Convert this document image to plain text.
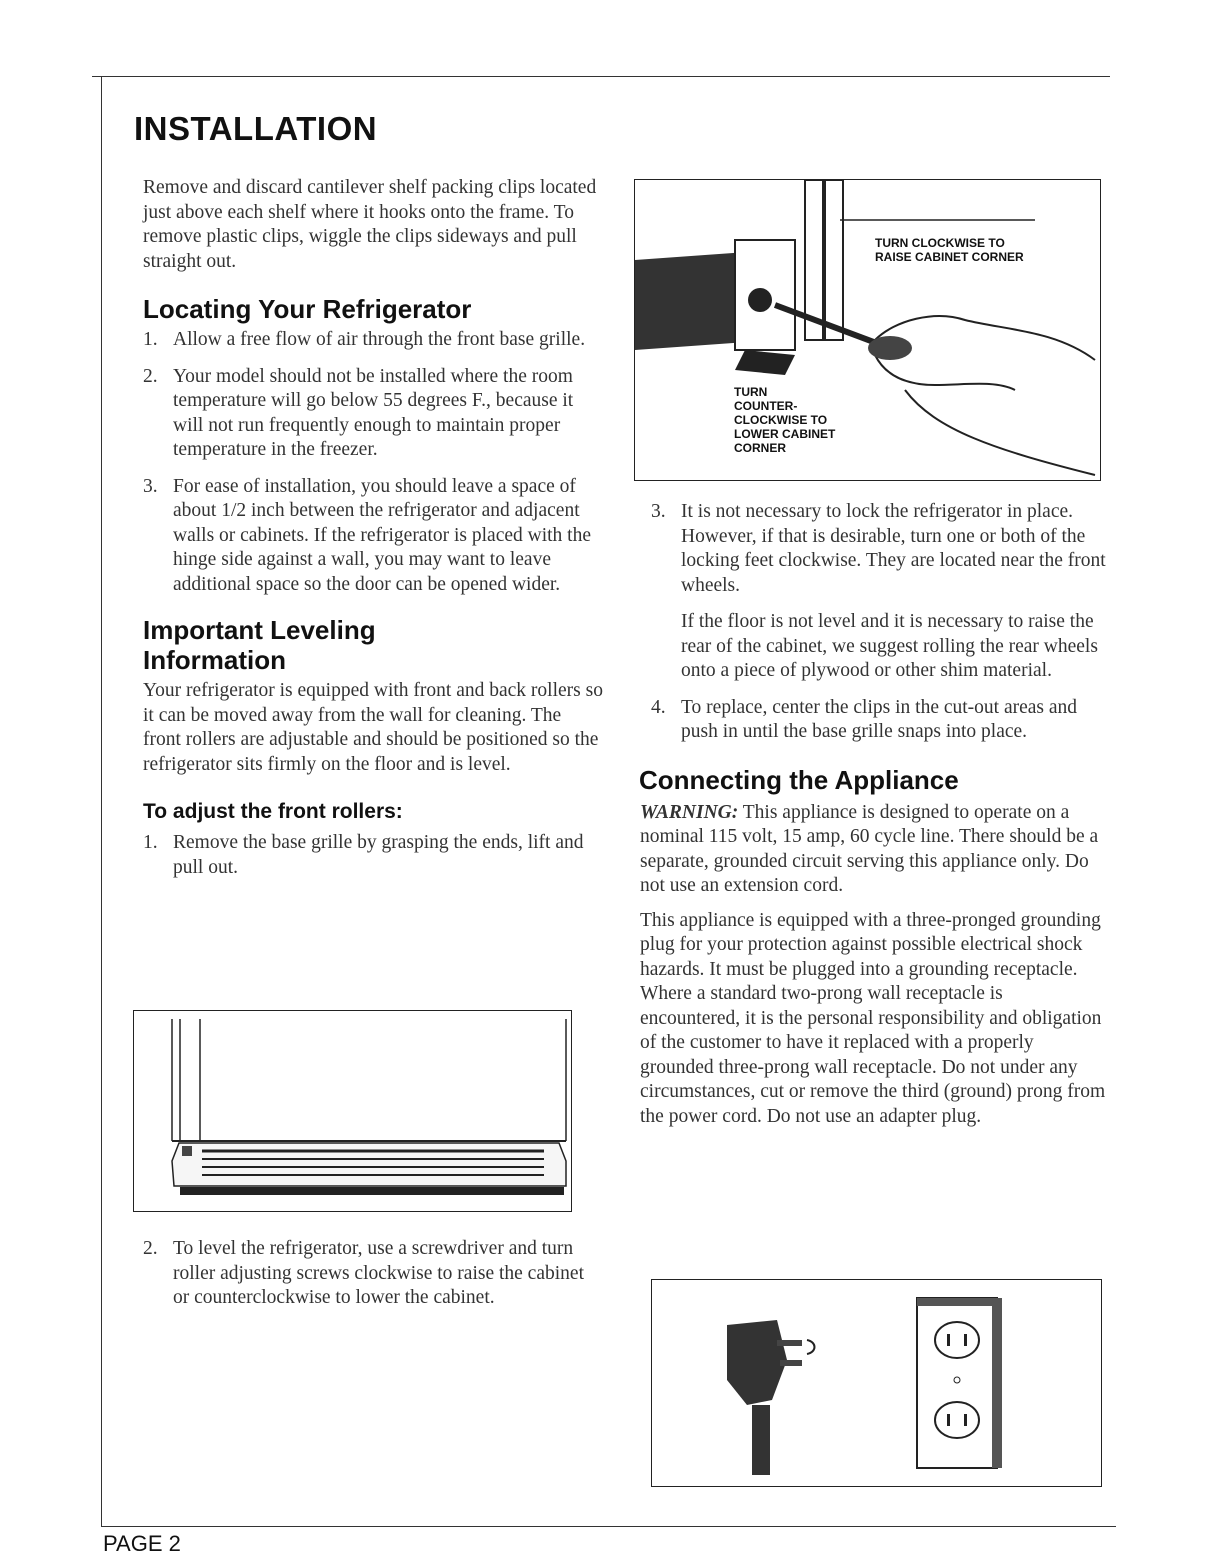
INSTALLATION

Remove and discard cantilever shelf packing clips located just above each shelf where it hooks onto the frame. To remove plastic clips, wiggle the clips sideways and pull straight out.

Locating Your Refrigerator

1. Allow a free flow of air through the front base grille.

2. Your model should not be installed where the room temperature will go below 55 degrees F., because it will not run frequently enough to maintain proper temperature in the freezer.

3. For ease of installation, you should leave a space of about 1/2 inch between the refrigerator and adjacent walls or cabinets. If the refrigerator is placed with the hinge side against a wall, you may want to leave additional space so the door can be opened wider.

Important Leveling
Information

Your refrigerator is equipped with front and back rollers so it can be moved away from the wall for cleaning. The front rollers are adjustable and should be positioned so the refrigerator sits firmly on the floor and is level.

To adjust the front rollers:

1. Remove the base grille by grasping the ends, lift and pull out.

2. To level the refrigerator, use a screwdriver and turn roller adjusting screws clockwise to raise the cabinet or counterclockwise to lower the cabinet.

TURN CLOCKWISE TO
RAISE CABINET CORNER
TURN
COUNTER-
CLOCKWISE TO
LOWER CABINET
CORNER

3. It is not necessary to lock the refrigerator in place. However, if that is desirable, turn one or both of the locking feet clockwise. They are located near the front wheels.

If the floor is not level and it is necessary to raise the rear of the cabinet, we suggest rolling the rear wheels onto a piece of plywood or other shim material.

4. To replace, center the clips in the cut-out areas and push in until the base grille snaps into place.

Connecting the Appliance

WARNING: This appliance is designed to operate on a nominal 115 volt, 15 amp, 60 cycle line. There should be a separate, grounded circuit serving this appliance only. Do not use an extension cord.

This appliance is equipped with a three-pronged grounding plug for your protection against possible electrical shock hazards. It must be plugged into a grounding receptacle. Where a standard two-prong wall receptacle is encountered, it is the personal responsibility and obligation of the customer to have it replaced with a properly grounded three-prong wall receptacle. Do not under any circumstances, cut or remove the third (ground) prong from the power cord. Do not use an adapter plug.

PAGE 2
